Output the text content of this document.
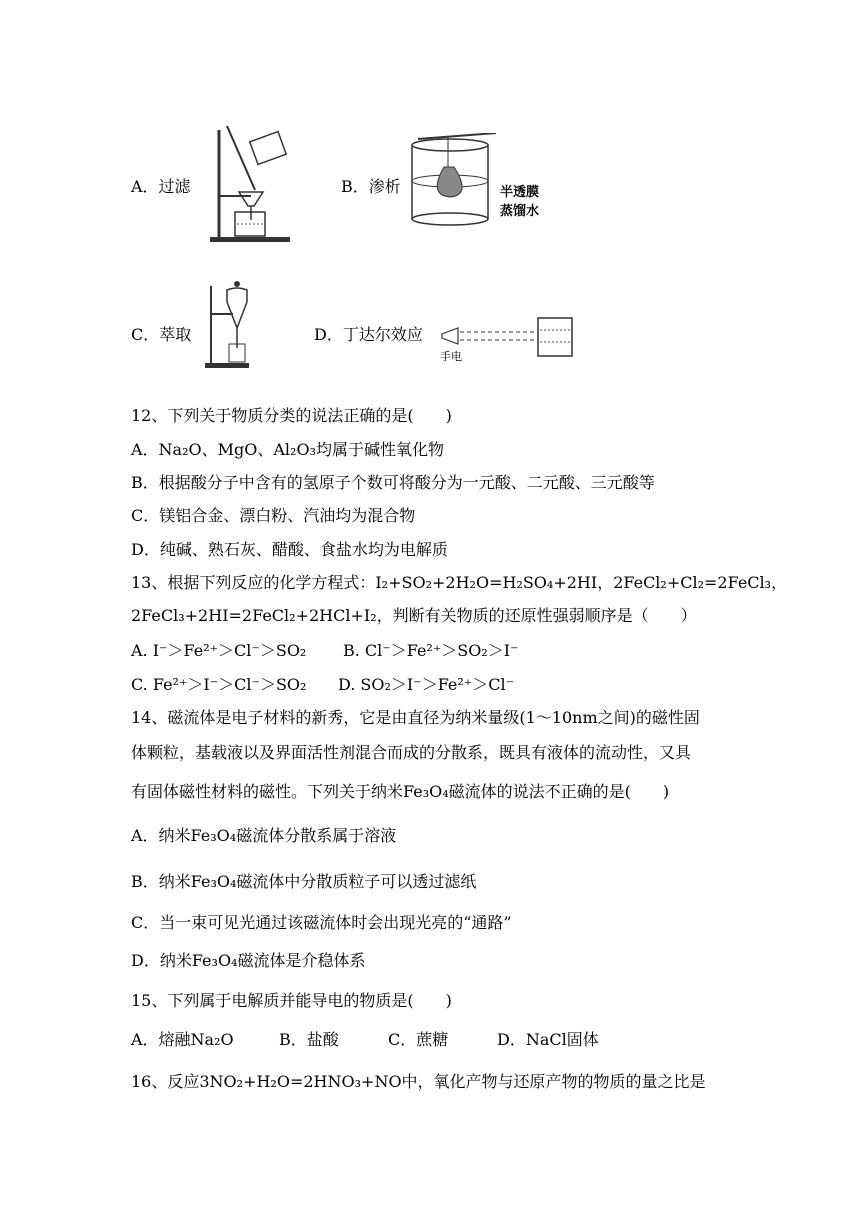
A．过滤	B．渗析	半透膜
蒸馏水
C．萃取	D．丁达尔效应
手电
12、下列关于物质分类的说法正确的是(　　)
A．Na₂O、MgO、Al₂O₃均属于碱性氧化物
B．根据酸分子中含有的氢原子个数可将酸分为一元酸、二元酸、三元酸等
C．镁铝合金、漂白粉、汽油均为混合物
D．纯碱、熟石灰、醋酸、食盐水均为电解质
13、根据下列反应的化学方程式：I₂+SO₂+2H₂O=H₂SO₄+2HI，2FeCl₂+Cl₂=2FeCl₃，
2FeCl₃+2HI=2FeCl₂+2HCl+I₂，判断有关物质的还原性强弱顺序是（　　）
A. I⁻＞Fe²⁺＞Cl⁻＞SO₂ B. Cl⁻＞Fe²⁺＞SO₂＞I⁻
C. Fe²⁺＞I⁻＞Cl⁻＞SO₂ D. SO₂＞I⁻＞Fe²⁺＞Cl⁻
14、磁流体是电子材料的新秀，它是由直径为纳米量级(1～10nm之间)的磁性固
体颗粒，基载液以及界面活性剂混合而成的分散系，既具有液体的流动性，又具
有固体磁性材料的磁性。下列关于纳米Fe₃O₄磁流体的说法不正确的是(　　)
A．纳米Fe₃O₄磁流体分散系属于溶液
B．纳米Fe₃O₄磁流体中分散质粒子可以透过滤纸
C．当一束可见光通过该磁流体时会出现光亮的“通路”
D．纳米Fe₃O₄磁流体是介稳体系
15、下列属于电解质并能导电的物质是(　　)
A．熔融Na₂O	B．盐酸	C．蔗糖	D．NaCl固体
16、反应3NO₂+H₂O=2HNO₃+NO中，氧化产物与还原产物的物质的量之比是
